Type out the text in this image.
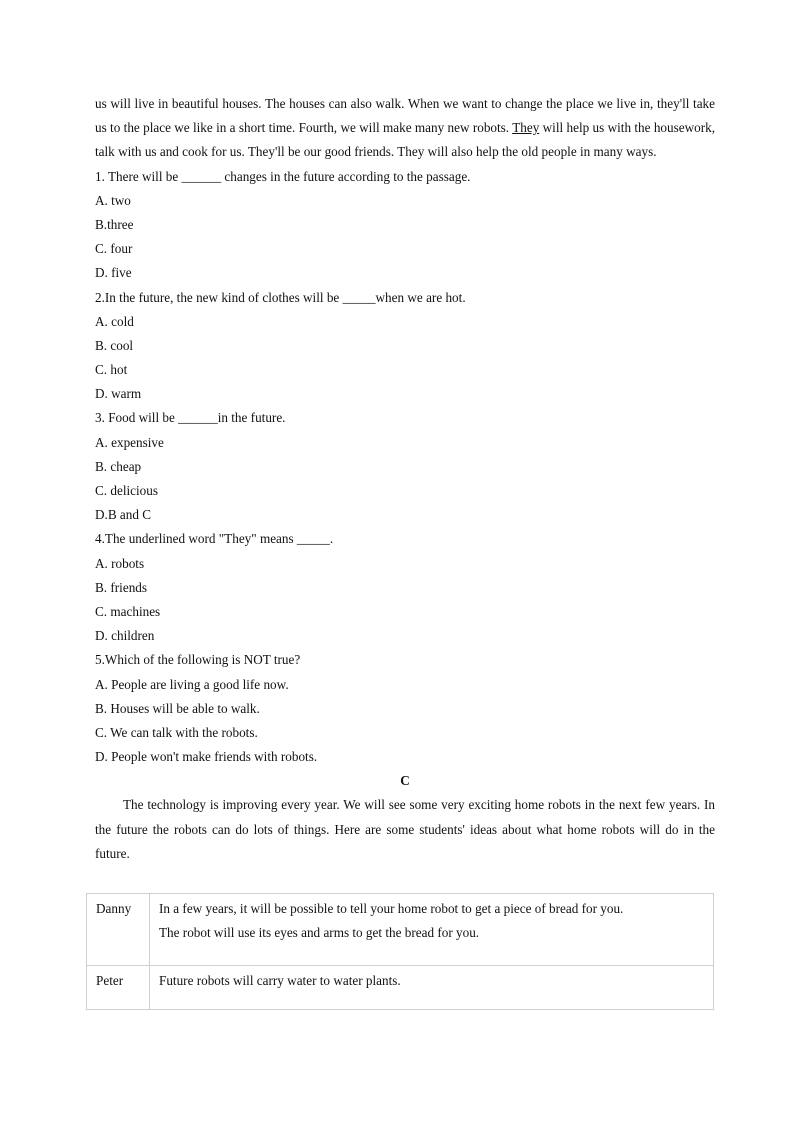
us will live in beautiful houses. The houses can also walk. When we want to change the place we live in, they'll take us to the place we like in a short time. Fourth, we will make many new robots. They will help us with the housework, talk with us and cook for us. They'll be our good friends. They will also help the old people in many ways.

1. There will be ______ changes in the future according to the passage.
A. two
B.three
C. four
D. five
2.In the future, the new kind of clothes will be _____when we are hot.
A. cold
B. cool
C. hot
D. warm
3. Food will be ______in the future.
A. expensive
B. cheap
C. delicious
D.B and C
4.The underlined word "They" means _____.
A. robots
B. friends
C. machines
D. children
5.Which of the following is NOT true?
A. People are living a good life now.
B. Houses will be able to walk.
C. We can talk with the robots.
D. People won't make friends with robots.
C

The technology is improving every year. We will see some very exciting home robots in the next few years. In the future the robots can do lots of things. Here are some students' ideas about what home robots will do in the future.

Danny	In a few years, it will be possible to tell your home robot to get a piece of bread for you.
The robot will use its eyes and arms to get the bread for you.

Peter	Future robots will carry water to water plants.
